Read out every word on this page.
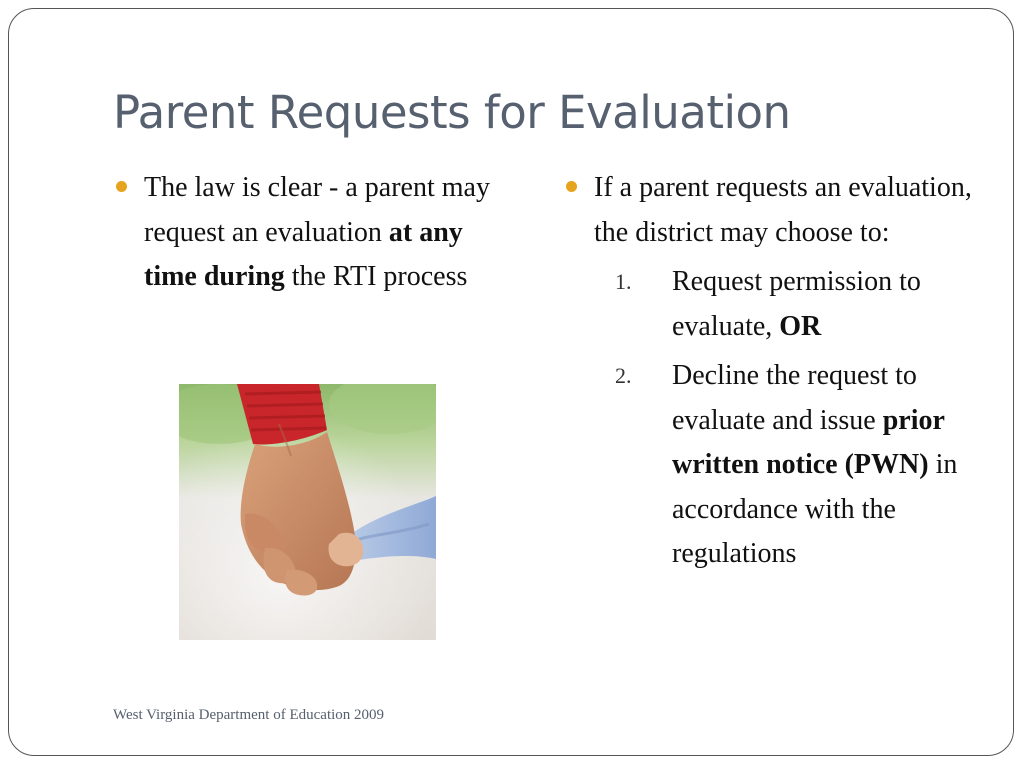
Parent Requests for Evaluation
The law is clear - a parent may request an evaluation at any time during the RTI process
If a parent requests an evaluation, the district may choose to:
1. Request permission to evaluate, OR
2. Decline the request to evaluate and issue prior written notice (PWN) in accordance with the regulations
West Virginia Department of Education 2009
